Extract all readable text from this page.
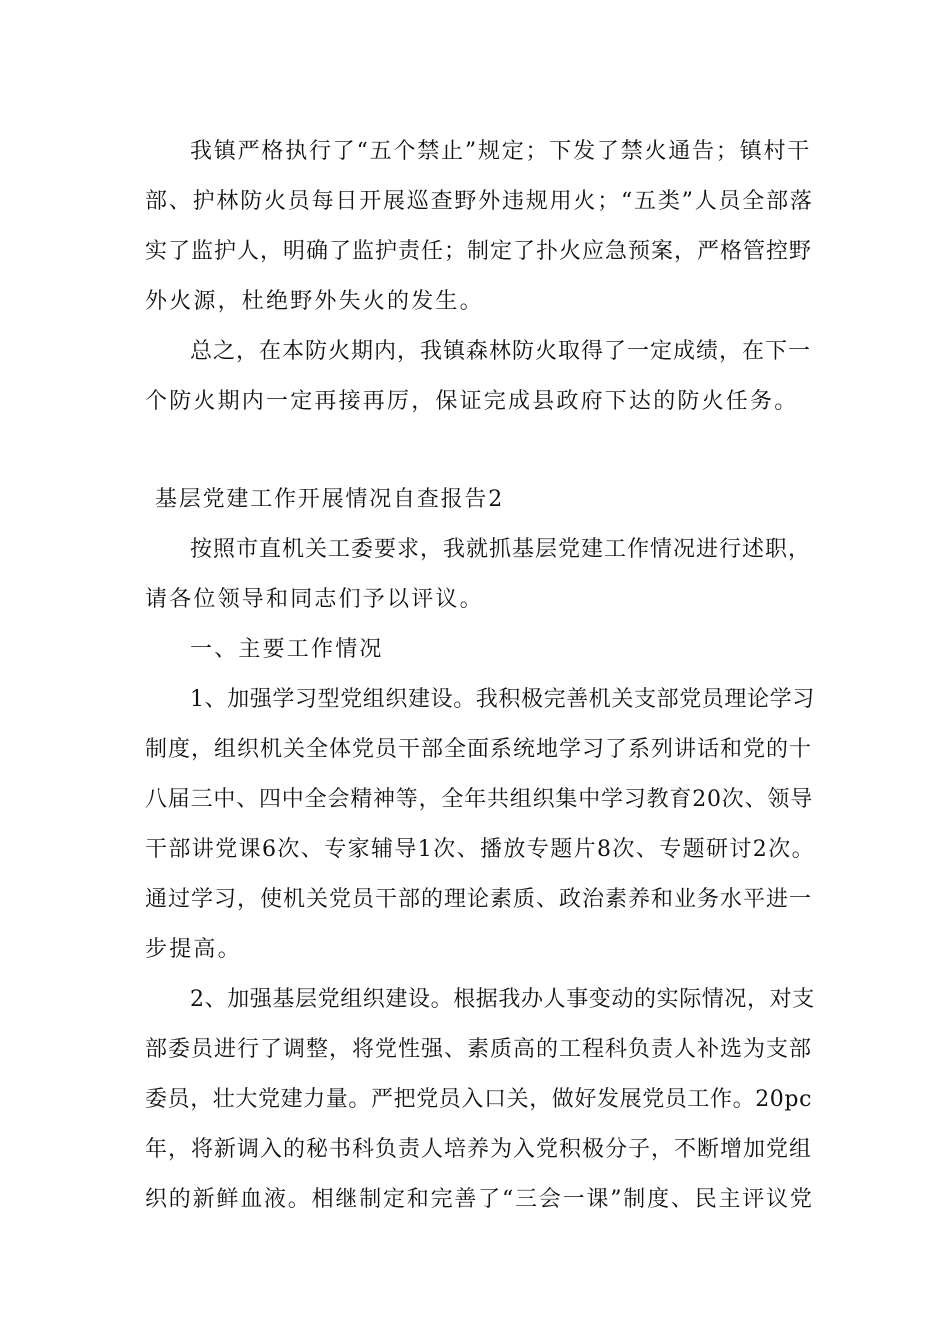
我镇严格执行了“五个禁止”规定；下发了禁火通告；镇村干
部、护林防火员每日开展巡查野外违规用火；“五类”人员全部落
实了监护人，明确了监护责任；制定了扑火应急预案，严格管控野
外火源，杜绝野外失火的发生。
总之，在本防火期内，我镇森林防火取得了一定成绩，在下一
个防火期内一定再接再厉，保证完成县政府下达的防火任务。
基层党建工作开展情况自查报告2
按照市直机关工委要求，我就抓基层党建工作情况进行述职，
请各位领导和同志们予以评议。
一、主要工作情况
1、加强学习型党组织建设。我积极完善机关支部党员理论学习
制度，组织机关全体党员干部全面系统地学习了系列讲话和党的十
八届三中、四中全会精神等，全年共组织集中学习教育20次、领导
干部讲党课6次、专家辅导1次、播放专题片8次、专题研讨2次。
通过学习，使机关党员干部的理论素质、政治素养和业务水平进一
步提高。
2、加强基层党组织建设。根据我办人事变动的实际情况，对支
部委员进行了调整，将党性强、素质高的工程科负责人补选为支部
委员，壮大党建力量。严把党员入口关，做好发展党员工作。20pc
年，将新调入的秘书科负责人培养为入党积极分子，不断增加党组
织的新鲜血液。相继制定和完善了“三会一课”制度、民主评议党
